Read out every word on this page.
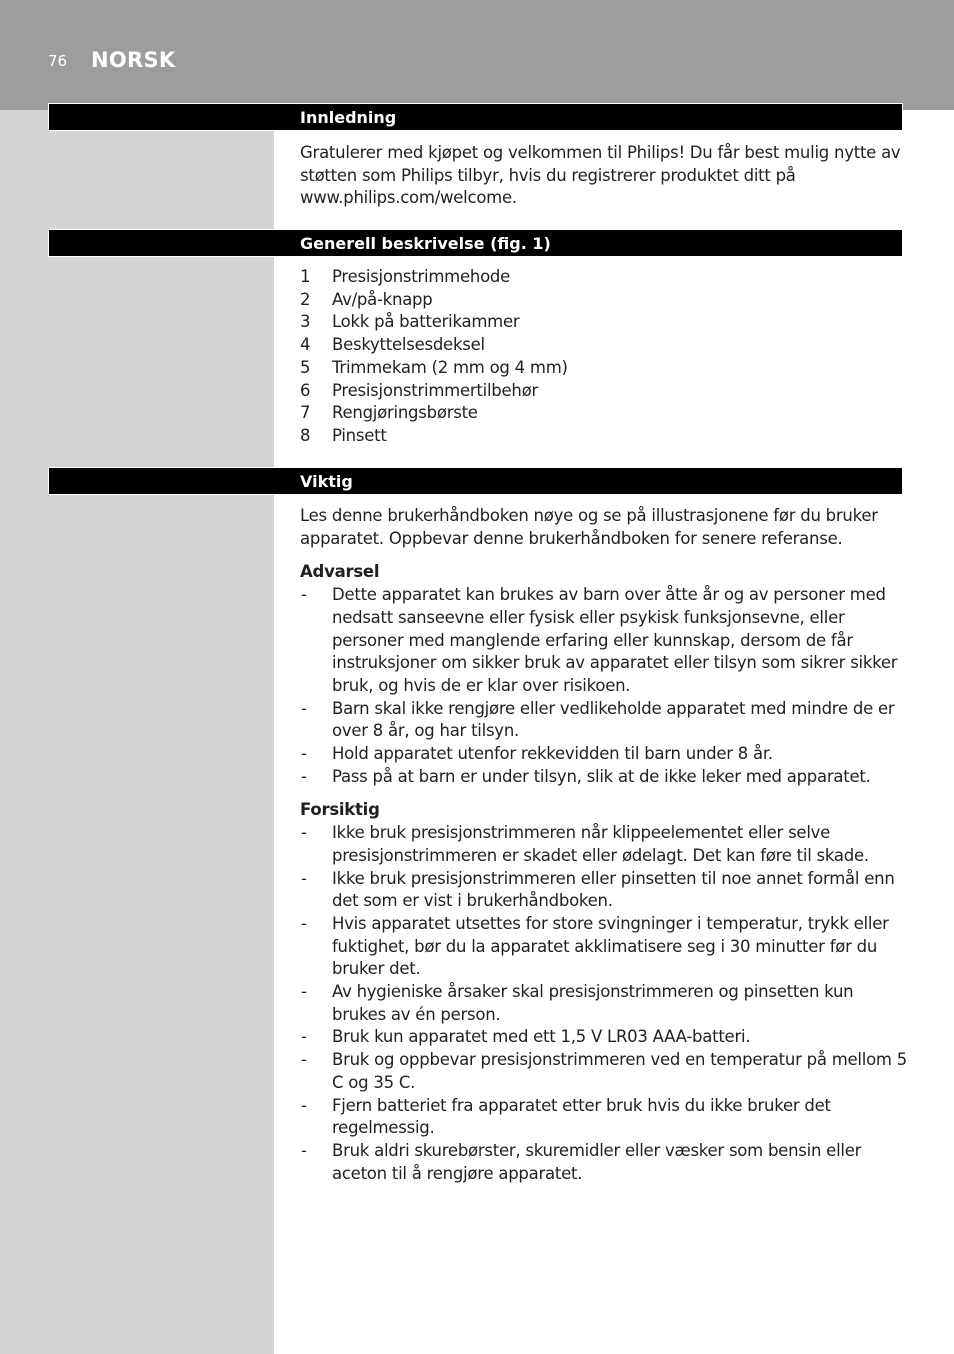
76 NORSK
Innledning

Gratulerer med kjøpet og velkommen til Philips! Du får best mulig nytte av støtten som Philips tilbyr, hvis du registrerer produktet ditt på www.philips.com/welcome.

Generell beskrivelse (fig. 1)
1 Presisjonstrimmehode
2 Av/på-knapp
3 Lokk på batterikammer
4 Beskyttelsesdeksel
5 Trimmekam (2 mm og 4 mm)
6 Presisjonstrimmertilbehør
7 Rengjøringsbørste
8 Pinsett
Viktig

Les denne brukerhåndboken nøye og se på illustrasjonene før du bruker apparatet. Oppbevar denne brukerhåndboken for senere referanse.

Advarsel

- Dette apparatet kan brukes av barn over åtte år og av personer med nedsatt sanseevne eller fysisk eller psykisk funksjonsevne, eller personer med manglende erfaring eller kunnskap, dersom de får instruksjoner om sikker bruk av apparatet eller tilsyn som sikrer sikker bruk, og hvis de er klar over risikoen.
- Barn skal ikke rengjøre eller vedlikeholde apparatet med mindre de er over 8 år, og har tilsyn.
- Hold apparatet utenfor rekkevidden til barn under 8 år.
- Pass på at barn er under tilsyn, slik at de ikke leker med apparatet.

Forsiktig

- Ikke bruk presisjonstrimmeren når klippeelementet eller selve presisjonstrimmeren er skadet eller ødelagt. Det kan føre til skade.
- Ikke bruk presisjonstrimmeren eller pinsetten til noe annet formål enn det som er vist i brukerhåndboken.
- Hvis apparatet utsettes for store svingninger i temperatur, trykk eller fuktighet, bør du la apparatet akklimatisere seg i 30 minutter før du bruker det.
- Av hygieniske årsaker skal presisjonstrimmeren og pinsetten kun brukes av én person.
- Bruk kun apparatet med ett 1,5 V LR03 AAA-batteri.
- Bruk og oppbevar presisjonstrimmeren ved en temperatur på mellom 5 C og 35 C.
- Fjern batteriet fra apparatet etter bruk hvis du ikke bruker det regelmessig.
- Bruk aldri skurebørster, skuremidler eller væsker som bensin eller aceton til å rengjøre apparatet.
